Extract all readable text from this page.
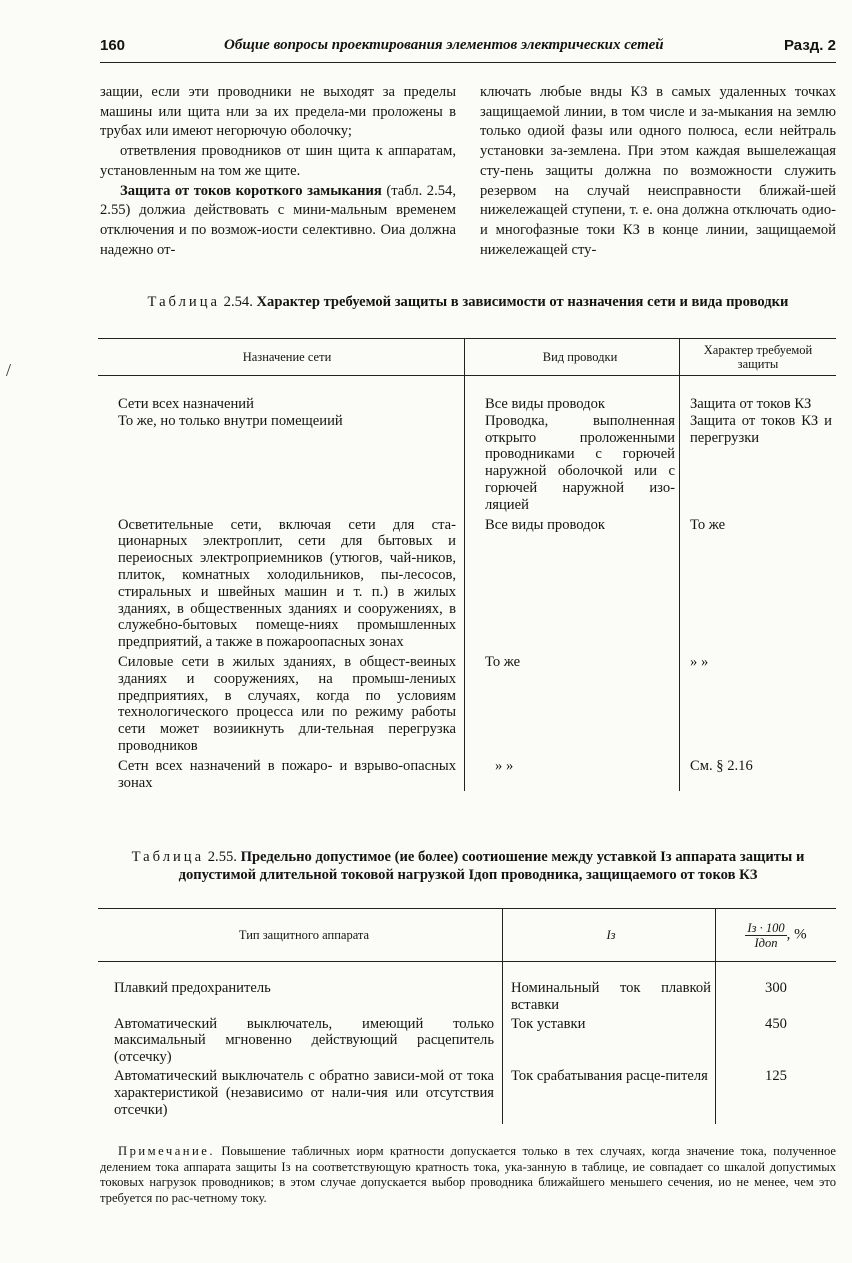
160	Общие вопросы проектирования элементов электрических сетей	Разд. 2

защии, если эти проводники не выходят за пределы машины или щита нли за их предела-ми проложены в трубах или имеют негорючую оболочку;

ответвления проводников от шин щита к аппаратам, установленным на том же щите.

Защита от токов короткого замыкания (табл. 2.54, 2.55) должиа действовать с мини-мальным временем отключения и по возмож-иости селективно. Оиа должна надежно от-

ключать любые внды КЗ в самых удаленных точках защищаемой линии, в том числе и за-мыкания на землю только одиой фазы или одного полюса, если нейтраль установки за-землена. При этом каждая вышележащая сту-пень защиты должна по возможности служить резервом на случай неисправности ближай-шей нижележащей ступени, т. е. она должна отключать одио- и многофазные токи КЗ в конце линии, защищаемой нижележащей сту-

Таблица 2.54. Характер требуемой защиты в зависимости от назначения сети и вида проводки
Назначение сети	Вид проводки	Характер требуемой защиты

Сети всех назначений	Все виды проводок	Защита от токов КЗ

То же, но только внутри помещеиий	Проводка, выполненная открыто проложенными проводниками с горючей наружной оболочкой или с горючей наружной изо-ляцией	Защита от токов КЗ и перегрузки

Осветительные сети, включая сети для ста-ционарных электроплит, сети для бытовых и переиосных электроприемников (утюгов, чай-ников, плиток, комнатных холодильников, пы-лесосов, стиральных и швейных машин и т. п.) в жилых зданиях, в общественных зданиях и сооружениях, в служебно-бытовых помеще-ниях промышленных предприятий, а также в пожароопасных зонах	Все виды проводок	То же

Силовые сети в жилых зданиях, в общест-веиных зданиях и сооружениях, на промыш-лениых предприятиях, в случаях, когда по условиям технологического процесса или по режиму работы сети может возиикнуть дли-тельная перегрузка проводников	То же	» »

Сетн всех назначений в пожаро- и взрыво-опасных зонах	» »	См. § 2.16

Таблица 2.55. Предельно допустимое (ие более) соотиошение между уставкой Iз аппарата защиты и допустимой длительной токовой нагрузкой Iдоп проводника, защищаемого от токов КЗ
Тип защитного аппарата	Iз	$\frac{Iз \cdot 100}{\text{Iдоп}}$ , %

Плавкий предохранитель	Номинальный ток плавкой вставки	300

Автоматический выключатель, имеющий только максимальный мгновенно действующий расцепитель (отсечку)	Ток уставки	450

Автоматический выключатель с обратно зависи-мой от тока характеристикой (независимо от нали-чия или отсутствия отсечки)	Ток срабатывания расце-пителя	125

Примечание. Повышение табличных иорм кратности допускается только в тех случаях, когда значение тока, полученное делением тока аппарата защиты Iз на соответствующую кратность тока, ука-занную в таблице, ие совпадает со шкалой допустимых токовых нагрузок проводников; в этом случае допускается выбор проводника ближайшего меньшего сечения, ио не менее, чем это требуется по рас-четному току.

/
